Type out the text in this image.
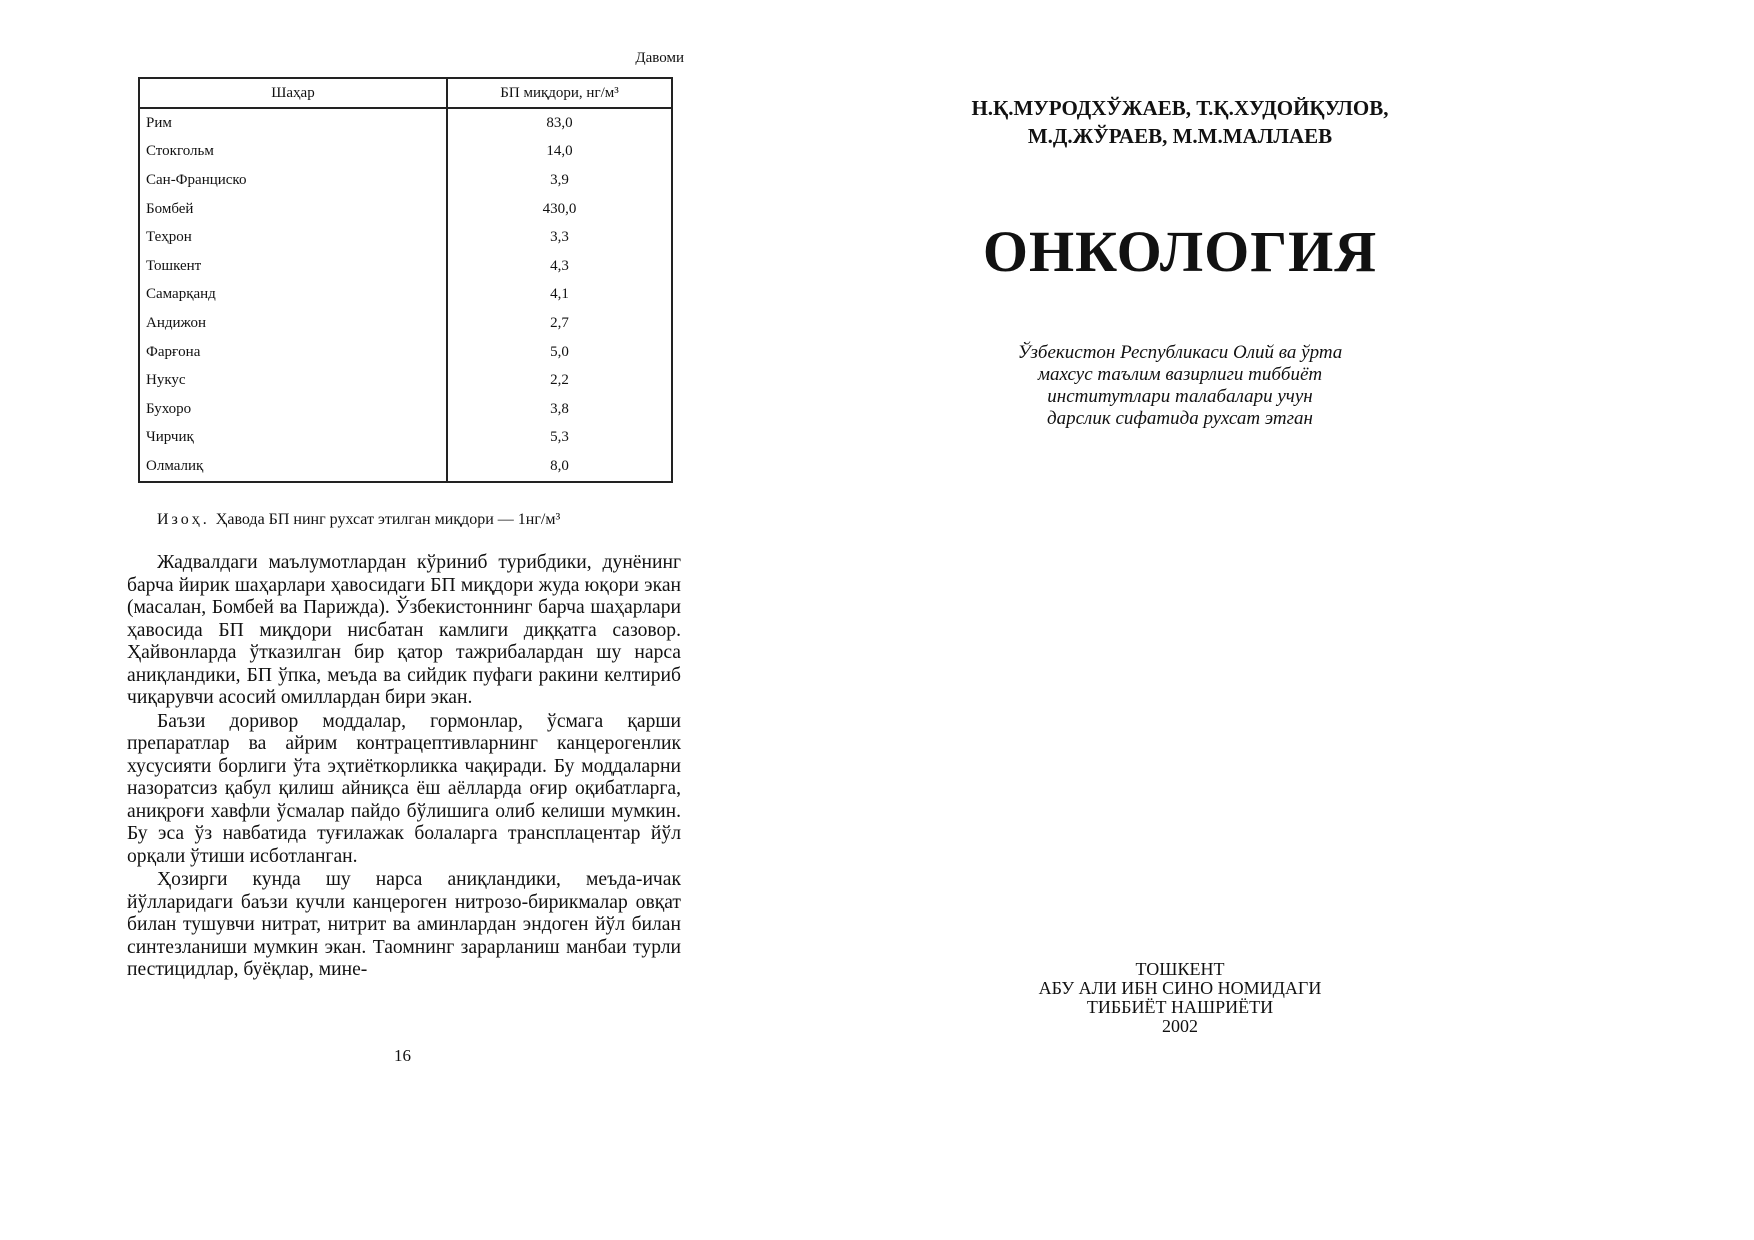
Давоми
Шаҳар	БП миқдори, нг/м³
Рим	83,0
Стокгольм	14,0
Сан-Франциско	3,9
Бомбей	430,0
Теҳрон	3,3
Тошкент	4,3
Самарқанд	4,1
Андижон	2,7
Фарғона	5,0
Нукус	2,2
Бухоро	3,8
Чирчиқ	5,3
Олмалиқ	8,0
Изоҳ. Ҳаводa БП нинг рухсат этилган миқдори — 1нг/м³

Жадвалдаги маълумотлардан кўриниб турибдики, дунёнинг барча йирик шаҳарлари ҳавосидаги БП миқдори жуда юқори экан (масалан, Бомбей ва Парижда). Ўзбекистоннинг барча шаҳарлари ҳавосида БП миқдори нисбатан камлиги диққатга сазовор. Ҳайвонларда ўтказилган бир қатор тажрибалардан шу нарса аниқландики, БП ўпка, меъда ва сийдик пуфаги ракини келтириб чиқарувчи асосий омиллардан бири экан.

Баъзи доривор моддалар, гормонлар, ўсмага қарши препаратлар ва айрим контрацептивларнинг канцерогенлик хусусияти борлиги ўта эҳтиёткорликка чақиради. Бу моддаларни назоратсиз қабул қилиш айниқса ёш аёлларда оғир оқибатларга, аниқроғи хавфли ўсмалар пайдо бўлишига олиб келиши мумкин. Бу эса ўз навбатида туғилажак болаларга трансплацентар йўл орқали ўтиши исботланган.

Ҳозирги кунда шу нарса аниқландики, меъда-ичак йўлларидаги баъзи кучли канцероген нитрозо-бирикмалар овқат билан тушувчи нитрат, нитрит ва аминлардан эндоген йўл билан синтезланиши мумкин экан. Таомнинг зарарланиш манбаи турли пестицидлар, буёқлар, мине-

16
Н.Қ.МУРОДХЎЖАЕВ, Т.Қ.ХУДОЙҚУЛОВ,
М.Д.ЖЎРАЕВ, М.М.МАЛЛАЕВ
ОНКОЛОГИЯ
Ўзбекистон Республикаси Олий ва ўрта
махсус таълим вазирлиги тиббиёт
институтлари талабалари учун
дарслик сифатида рухсат этган
ТОШКЕНТ
АБУ АЛИ ИБН СИНО НОМИДАГИ
ТИББИЁТ НАШРИЁТИ
2002
